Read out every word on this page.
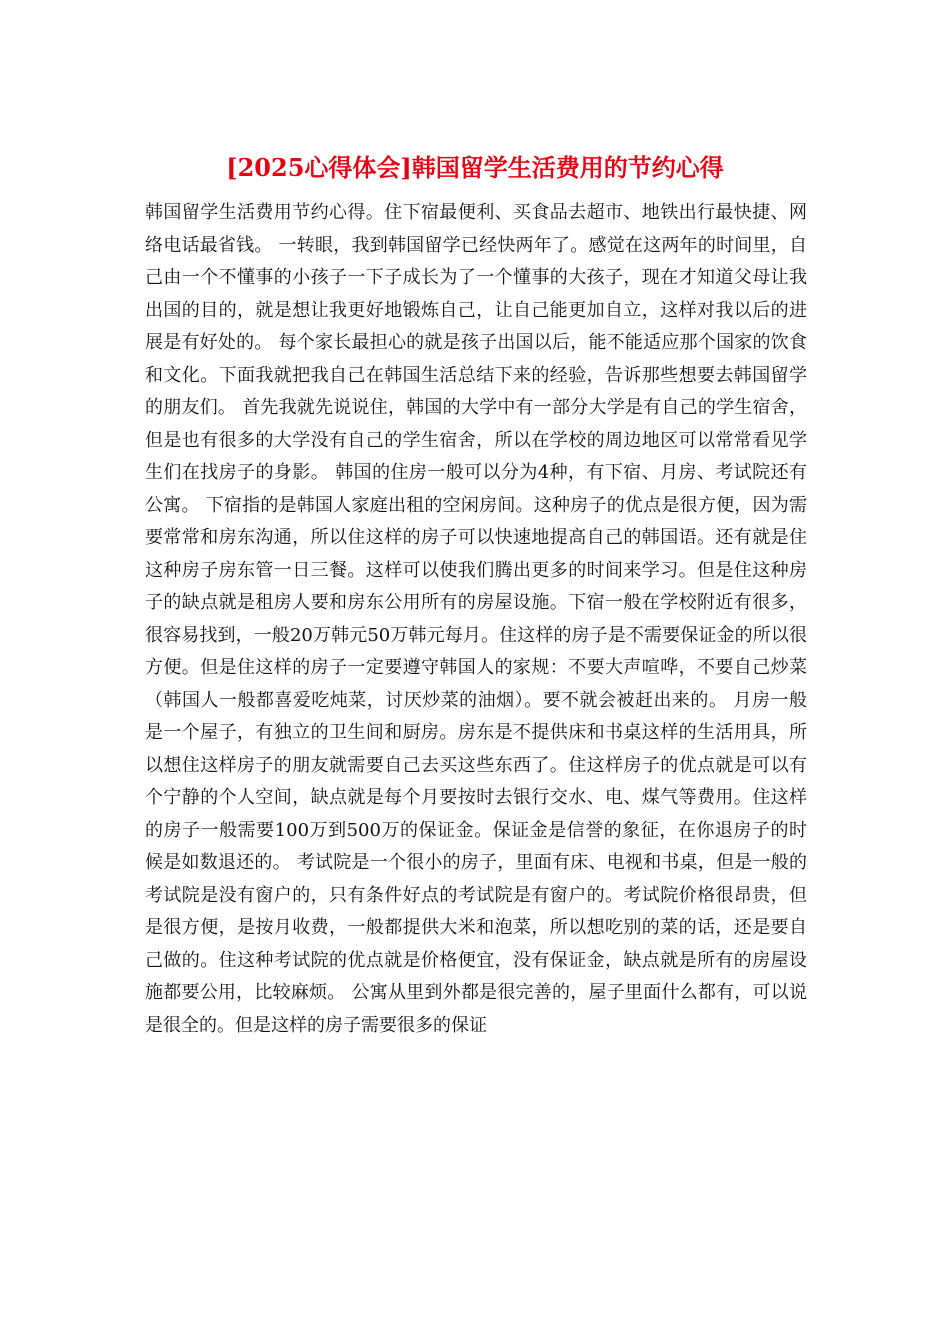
[2025心得体会]韩国留学生活费用的节约心得

韩国留学生活费用节约心得。住下宿最便利、买食品去超市、地铁出行最快捷、网络电话最省钱。 一转眼，我到韩国留学已经快两年了。感觉在这两年的时间里，自己由一个不懂事的小孩子一下子成长为了一个懂事的大孩子，现在才知道父母让我出国的目的，就是想让我更好地锻炼自己，让自己能更加自立，这样对我以后的进展是有好处的。 每个家长最担心的就是孩子出国以后，能不能适应那个国家的饮食和文化。下面我就把我自己在韩国生活总结下来的经验，告诉那些想要去韩国留学的朋友们。 首先我就先说说住，韩国的大学中有一部分大学是有自己的学生宿舍，但是也有很多的大学没有自己的学生宿舍，所以在学校的周边地区可以常常看见学生们在找房子的身影。 韩国的住房一般可以分为4种，有下宿、月房、考试院还有公寓。 下宿指的是韩国人家庭出租的空闲房间。这种房子的优点是很方便，因为需要常常和房东沟通，所以住这样的房子可以快速地提高自己的韩国语。还有就是住这种房子房东管一日三餐。这样可以使我们腾出更多的时间来学习。但是住这种房子的缺点就是租房人要和房东公用所有的房屋设施。下宿一般在学校附近有很多，很容易找到，一般20万韩元50万韩元每月。住这样的房子是不需要保证金的所以很方便。但是住这样的房子一定要遵守韩国人的家规：不要大声喧哗，不要自己炒菜 （韩国人一般都喜爱吃炖菜，讨厌炒菜的油烟）。要不就会被赶出来的。 月房一般是一个屋子，有独立的卫生间和厨房。房东是不提供床和书桌这样的生活用具，所以想住这样房子的朋友就需要自己去买这些东西了。住这样房子的优点就是可以有个宁静的个人空间，缺点就是每个月要按时去银行交水、电、煤气等费用。住这样的房子一般需要100万到500万的保证金。保证金是信誉的象征，在你退房子的时候是如数退还的。 考试院是一个很小的房子，里面有床、电视和书桌，但是一般的考试院是没有窗户的，只有条件好点的考试院是有窗户的。考试院价格很昂贵，但是很方便，是按月收费，一般都提供大米和泡菜，所以想吃别的菜的话，还是要自己做的。住这种考试院的优点就是价格便宜，没有保证金，缺点就是所有的房屋设施都要公用，比较麻烦。 公寓从里到外都是很完善的，屋子里面什么都有，可以说是很全的。但是这样的房子需要很多的保证
